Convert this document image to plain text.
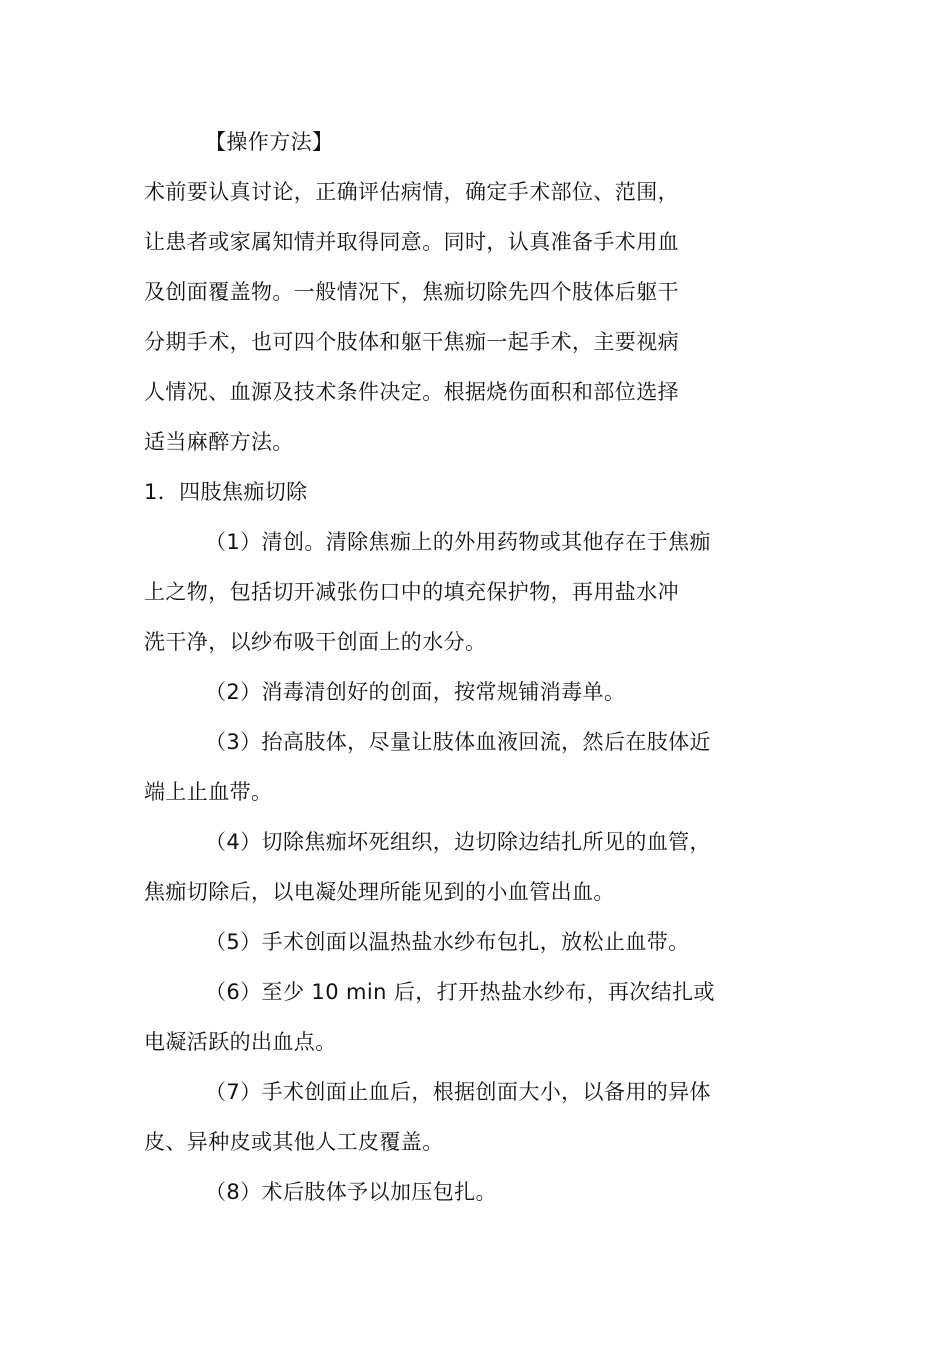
【操作方法】
术前要认真讨论，正确评估病情，确定手术部位、范围，
让患者或家属知情并取得同意。同时，认真准备手术用血
及创面覆盖物。一般情况下，焦痂切除先四个肢体后躯干
分期手术，也可四个肢体和躯干焦痂一起手术，主要视病
人情况、血源及技术条件决定。根据烧伤面积和部位选择
适当麻醉方法。
1．四肢焦痂切除
（1）清创。清除焦痂上的外用药物或其他存在于焦痂
上之物，包括切开减张伤口中的填充保护物，再用盐水冲
洗干净，以纱布吸干创面上的水分。
（2）消毒清创好的创面，按常规铺消毒单。
（3）抬高肢体，尽量让肢体血液回流，然后在肢体近
端上止血带。
（4）切除焦痂坏死组织，边切除边结扎所见的血管，
焦痂切除后，以电凝处理所能见到的小血管出血。
（5）手术创面以温热盐水纱布包扎，放松止血带。
（6）至少 10 min 后，打开热盐水纱布，再次结扎或
电凝活跃的出血点。
（7）手术创面止血后，根据创面大小，以备用的异体
皮、异种皮或其他人工皮覆盖。
（8）术后肢体予以加压包扎。
